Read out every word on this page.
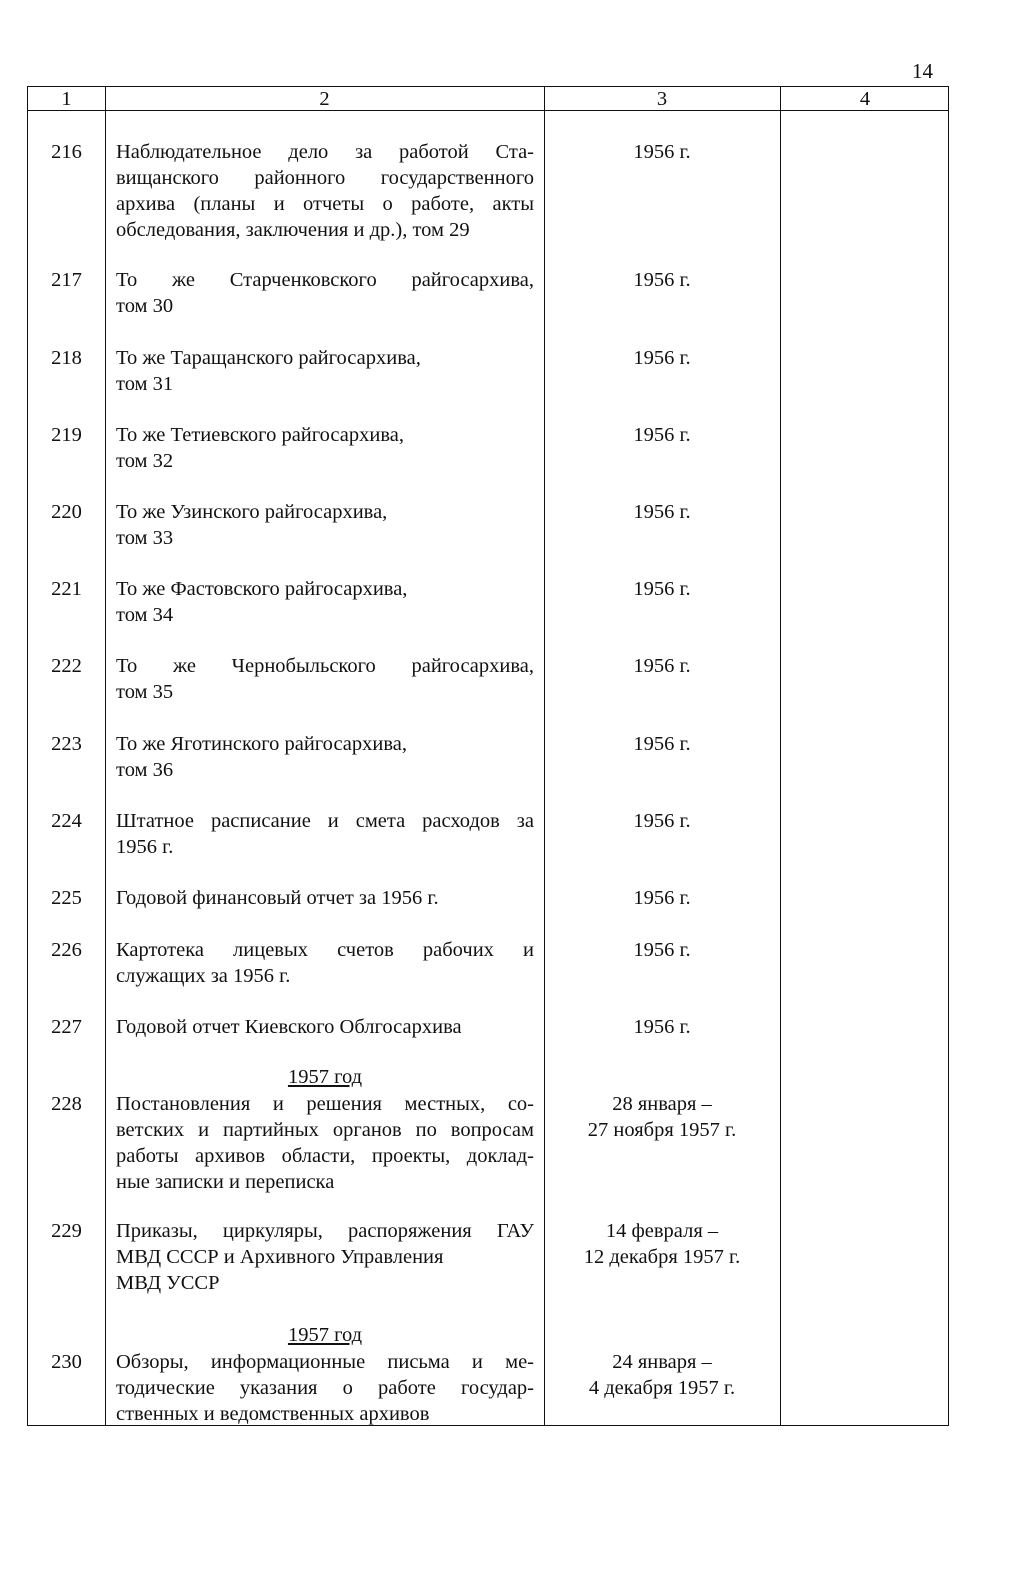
14
1	2	3	4
216	Наблюдательное дело за работой Ста-
вищанского районного государственного
архива (планы и отчеты о работе, акты
обследования, заключения и др.), том 29
1956 г.
217	То же Старченковского райгосархива,
том 30
1956 г.
218	То же Таращанского райгосархива,
том 31
1956 г.
219	То же Тетиевского райгосархива,
том 32
1956 г.
220	То же Узинского райгосархива,
том 33
1956 г.
221	То же Фастовского райгосархива,
том 34
1956 г.
222	То же Чернобыльского райгосархива,
том 35
1956 г.
223	То же Яготинского райгосархива,
том 36
1956 г.
224	Штатное расписание и смета расходов за
1956 г.
1956 г.
225	Годовой финансовый отчет за 1956 г.	1956 г.
226	Картотека лицевых счетов рабочих и
служащих за 1956 г.
1956 г.
227	Годовой отчет Киевского Облгосархива	1956 г.
1957 год
228	Постановления и решения местных, со-
ветских и партийных органов по вопросам
работы архивов области, проекты, доклад-
ные записки и переписка
28 января –
27 ноября 1957 г.
229	Приказы, циркуляры, распоряжения ГАУ
МВД СССР и Архивного Управления
МВД УССР
14 февраля –
12 декабря 1957 г.
1957 год
230	Обзоры, информационные письма и ме-
тодические указания о работе государ-
ственных и ведомственных архивов
24 января –
4 декабря 1957 г.
